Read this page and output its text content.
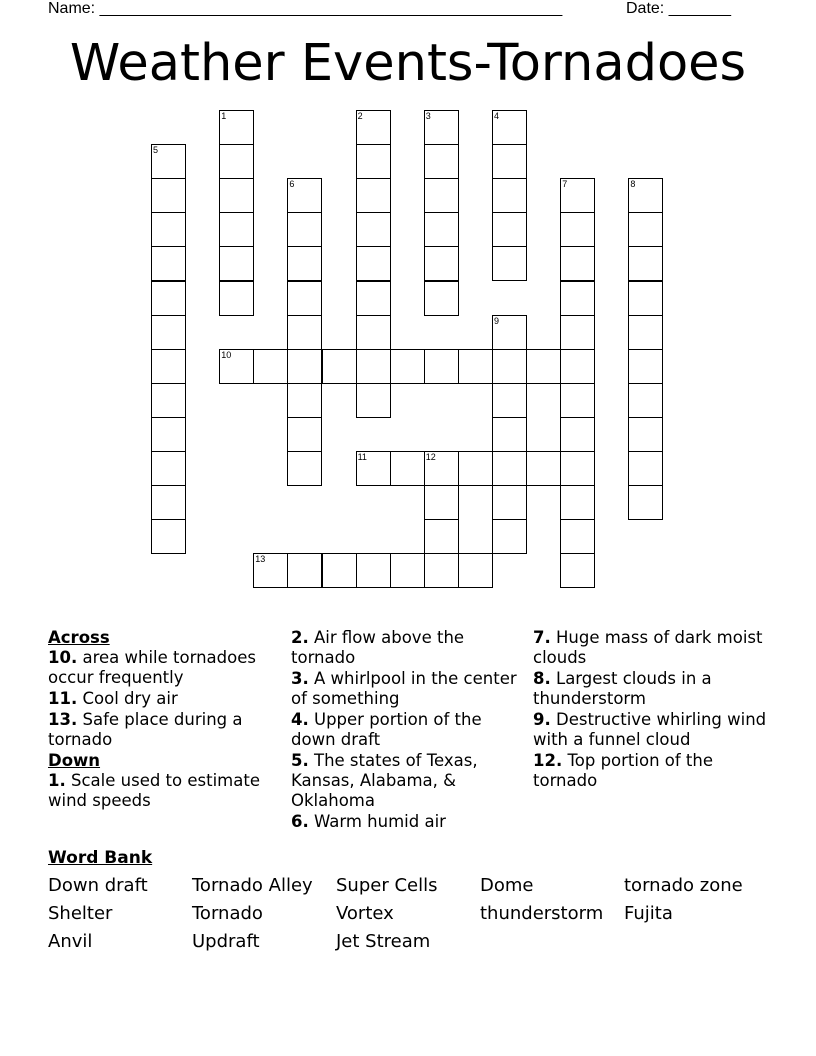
Name: ____________________________________________________	Date: _______
Weather Events-Tornadoes
1	2	3	4
5
6	7	8
9
10
11	12
13
Across
10. area while tornadoes occur frequently
11. Cool dry air
13. Safe place during a tornado
Down
1. Scale used to estimate wind speeds
2. Air flow above the tornado
3. A whirlpool in the center of something
4. Upper portion of the down draft
5. The states of Texas, Kansas, Alabama, & Oklahoma
6. Warm humid air
7. Huge mass of dark moist clouds
8. Largest clouds in a thunderstorm
9. Destructive whirling wind with a funnel cloud
12. Top portion of the tornado
Word Bank
Down draft	Tornado Alley	Super Cells	Dome	tornado zone
Shelter	Tornado	Vortex	thunderstorm	Fujita
Anvil	Updraft	Jet Stream
